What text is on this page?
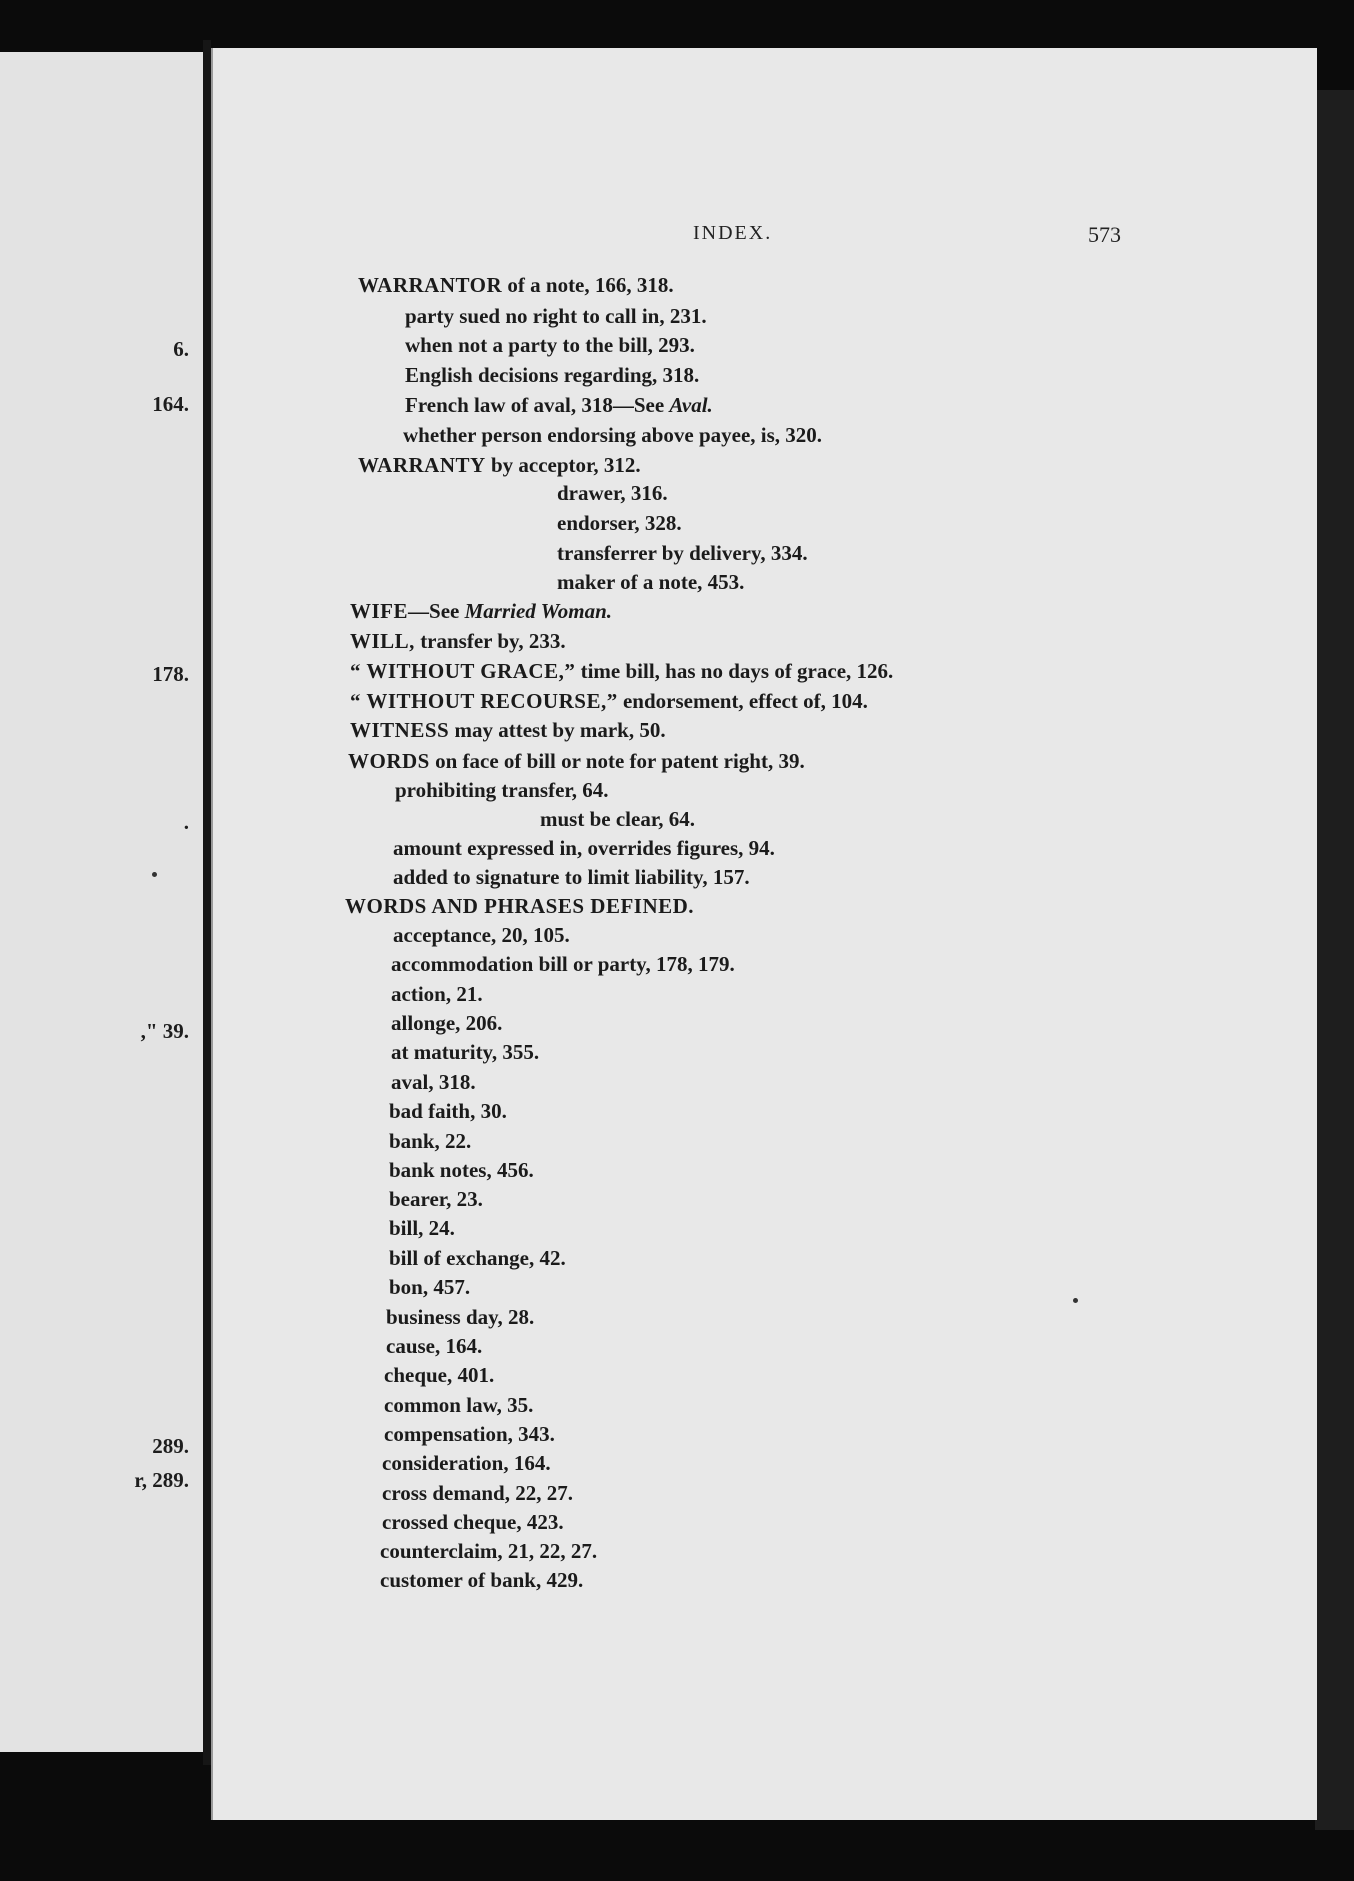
6.

164.

178.

.

," 39.

289.

r, 289.

INDEX.	573

WARRANTOR of a note, 166, 318.

party sued no right to call in, 231.

when not a party to the bill, 293.

English decisions regarding, 318.

French law of aval, 318—See Aval.

whether person endorsing above payee, is, 320.

WARRANTY by acceptor, 312.

drawer, 316.

endorser, 328.

transferrer by delivery, 334.

maker of a note, 453.

WIFE—See Married Woman.

WILL, transfer by, 233.

“ WITHOUT GRACE,” time bill, has no days of grace, 126.

“ WITHOUT RECOURSE,” endorsement, effect of, 104.

WITNESS may attest by mark, 50.

WORDS on face of bill or note for patent right, 39.

prohibiting transfer, 64.

must be clear, 64.

amount expressed in, overrides figures, 94.

added to signature to limit liability, 157.

WORDS AND PHRASES DEFINED.

acceptance, 20, 105.

accommodation bill or party, 178, 179.

action, 21.

allonge, 206.

at maturity, 355.

aval, 318.

bad faith, 30.

bank, 22.

bank notes, 456.

bearer, 23.

bill, 24.

bill of exchange, 42.

bon, 457.

business day, 28.

cause, 164.

cheque, 401.

common law, 35.

compensation, 343.

consideration, 164.

cross demand, 22, 27.

crossed cheque, 423.

counterclaim, 21, 22, 27.

customer of bank, 429.
